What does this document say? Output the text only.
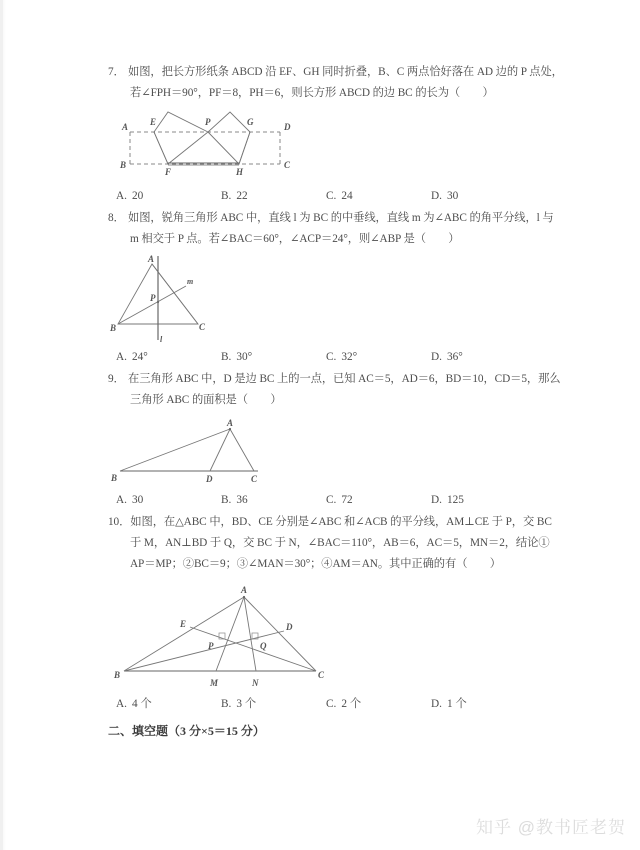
7． 如图，把长方形纸条 ABCD 沿 EF、GH 同时折叠，B、C 两点恰好落在 AD 边的 P 点处，
若∠FPH＝90°，PF＝8，PH＝6，则长方形 ABCD 的边 BC 的长为（　　）
A E	P	G	D
B
F	H
C
A. 20	B. 22	C. 24	D. 30
8． 如图，锐角三角形 ABC 中，直线 l 为 BC 的中垂线，直线 m 为∠ABC 的角平分线，l 与
m 相交于 P 点。若∠BAC＝60°，∠ACP＝24°，则∠ABP 是（　　）
A
m
P
B	C
l
A. 24°	B. 30°	C. 32°	D. 36°
9． 在三角形 ABC 中，D 是边 BC 上的一点，已知 AC＝5，AD＝6，BD＝10，CD＝5，那么
三角形 ABC 的面积是（　　）
A
B	D	C
A. 30	B. 36	C. 72	D. 125
10．如图，在△ABC 中，BD、CE 分别是∠ABC 和∠ACB 的平分线，AM⊥CE 于 P，交 BC
于 M，AN⊥BD 于 Q，交 BC 于 N，∠BAC＝110°，AB＝6，AC＝5，MN＝2，结论①
AP＝MP；②BC＝9；③∠MAN＝30°；④AM＝AN。其中正确的有（　　）
A
E	D
P	Q
B
M	N
C
A. 4 个	B. 3 个	C. 2 个	D. 1 个
二、填空题（3 分×5＝15 分）
知乎 @教书匠老贺
